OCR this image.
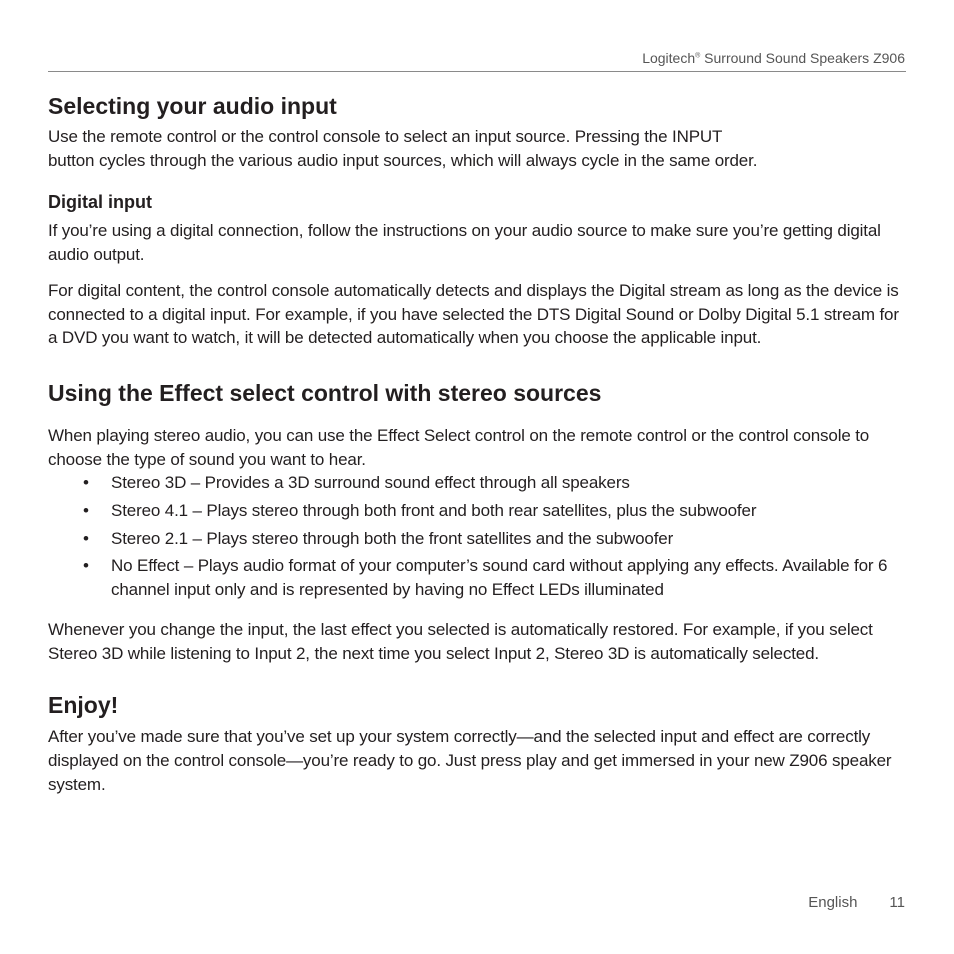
Logitech® Surround Sound Speakers Z906
Selecting your audio input

Use the remote control or the control console to select an input source. Pressing the INPUT
button cycles through the various audio input sources, which will always cycle in the same order.

Digital input

If you’re using a digital connection, follow the instructions on your audio source to make sure you’re getting digital audio output.

For digital content, the control console automatically detects and displays the Digital stream as long as the device is connected to a digital input. For example, if you have selected the DTS Digital Sound or Dolby Digital 5.1 stream for a DVD you want to watch, it will be detected automatically when you choose the applicable input.

Using the Effect select control with stereo sources

When playing stereo audio, you can use the Effect Select control on the remote control or the control console to choose the type of sound you want to hear.

• Stereo 3D – Provides a 3D surround sound effect through all speakers
• Stereo 4.1 – Plays stereo through both front and both rear satellites, plus the subwoofer
• Stereo 2.1 – Plays stereo through both the front satellites and the subwoofer
• No Effect – Plays audio format of your computer’s sound card without applying any effects. Available for 6 channel input only and is represented by having no Effect LEDs illuminated

Whenever you change the input, the last effect you selected is automatically restored. For example, if you select Stereo 3D while listening to Input 2, the next time you select Input 2, Stereo 3D is automatically selected.

Enjoy!

After you’ve made sure that you’ve set up your system correctly—and the selected input and effect are correctly displayed on the control console—you’re ready to go. Just press play and get immersed in your new Z906 speaker system.

English 11
